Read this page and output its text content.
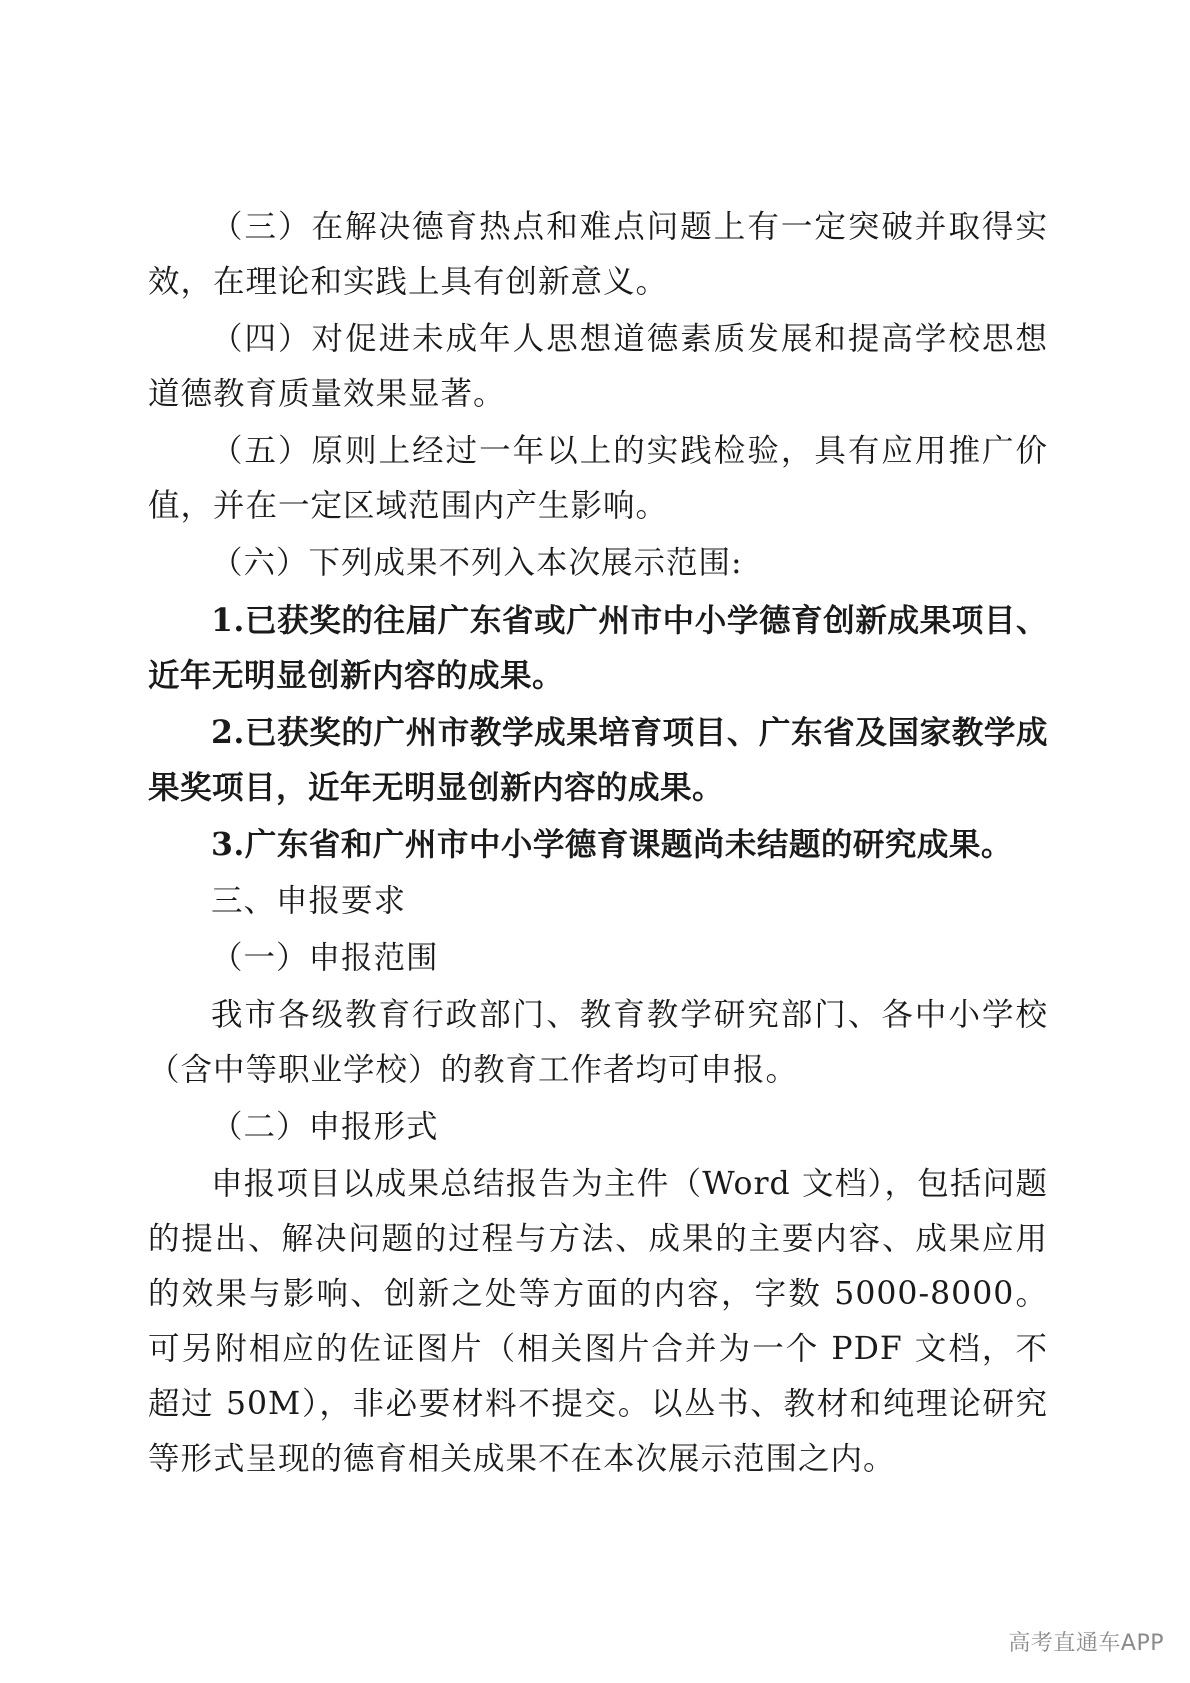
（三）在解决德育热点和难点问题上有一定突破并取得实效，在理论和实践上具有创新意义。

（四）对促进未成年人思想道德素质发展和提高学校思想道德教育质量效果显著。

（五）原则上经过一年以上的实践检验，具有应用推广价值，并在一定区域范围内产生影响。

（六）下列成果不列入本次展示范围:

1.已获奖的往届广东省或广州市中小学德育创新成果项目、近年无明显创新内容的成果。

2.已获奖的广州市教学成果培育项目、广东省及国家教学成果奖项目，近年无明显创新内容的成果。

3.广东省和广州市中小学德育课题尚未结题的研究成果。

三、申报要求

（一）申报范围

我市各级教育行政部门、教育教学研究部门、各中小学校（含中等职业学校）的教育工作者均可申报。

（二）申报形式

申报项目以成果总结报告为主件（Word 文档），包括问题的提出、解决问题的过程与方法、成果的主要内容、成果应用的效果与影响、创新之处等方面的内容，字数 5000-8000。可另附相应的佐证图片（相关图片合并为一个 PDF 文档，不超过 50M），非必要材料不提交。以丛书、教材和纯理论研究等形式呈现的德育相关成果不在本次展示范围之内。

高考直通车APP
